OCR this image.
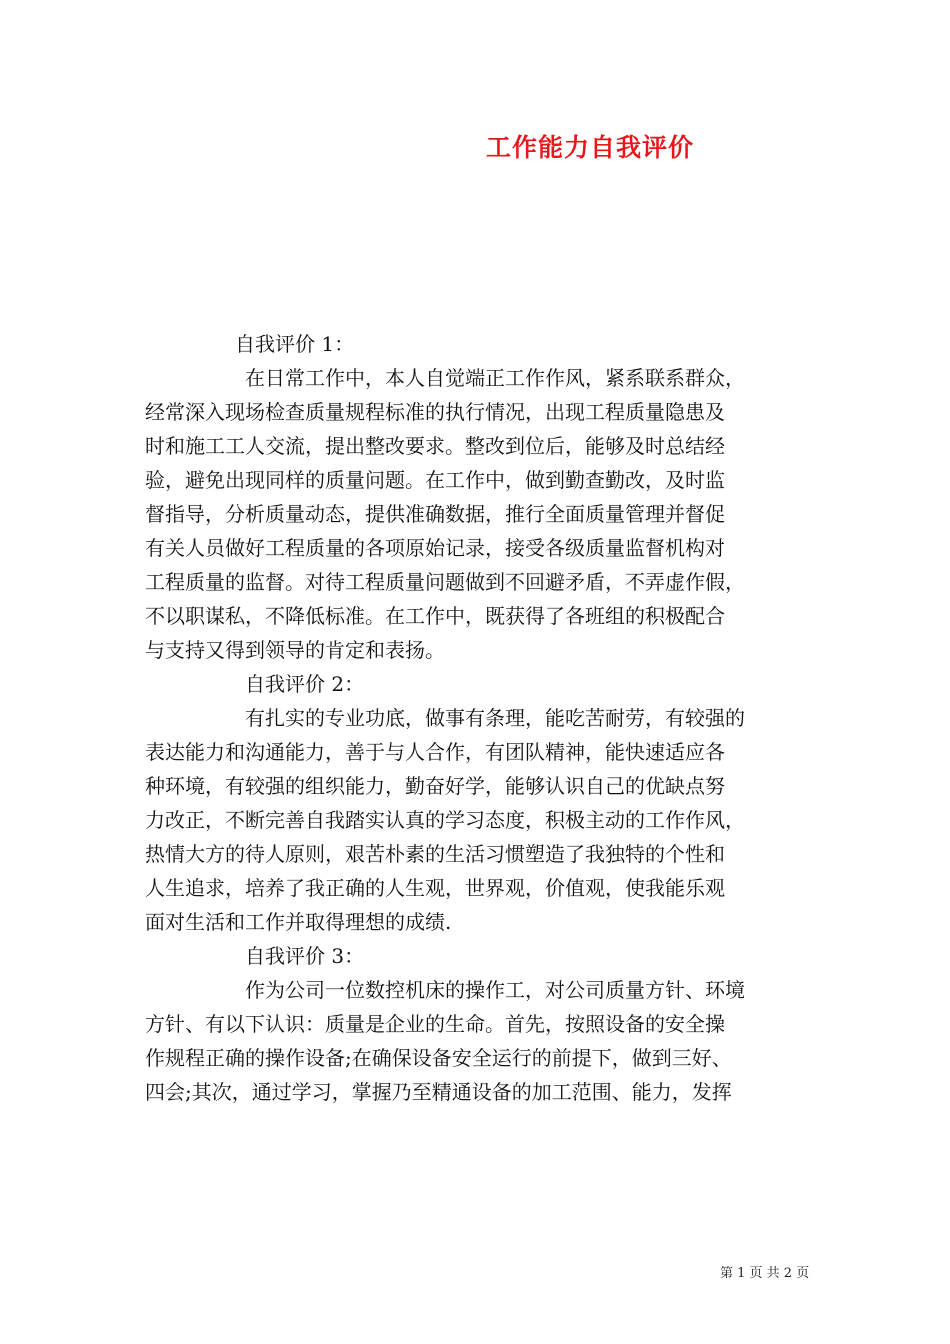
工作能力自我评价
自我评价 1：
在日常工作中，本人自觉端正工作作风，紧系联系群众，
经常深入现场检查质量规程标准的执行情况，出现工程质量隐患及
时和施工工人交流，提出整改要求。整改到位后，能够及时总结经
验，避免出现同样的质量问题。在工作中，做到勤查勤改，及时监
督指导，分析质量动态，提供准确数据，推行全面质量管理并督促
有关人员做好工程质量的各项原始记录，接受各级质量监督机构对
工程质量的监督。对待工程质量问题做到不回避矛盾，不弄虚作假，
不以职谋私，不降低标准。在工作中，既获得了各班组的积极配合
与支持又得到领导的肯定和表扬。
自我评价 2：
有扎实的专业功底，做事有条理，能吃苦耐劳，有较强的
表达能力和沟通能力，善于与人合作，有团队精神，能快速适应各
种环境，有较强的组织能力，勤奋好学，能够认识自己的优缺点努
力改正，不断完善自我踏实认真的学习态度，积极主动的工作作风，
热情大方的待人原则，艰苦朴素的生活习惯塑造了我独特的个性和
人生追求，培养了我正确的人生观，世界观，价值观，使我能乐观
面对生活和工作并取得理想的成绩.
自我评价 3：
作为公司一位数控机床的操作工，对公司质量方针、环境
方针、有以下认识：质量是企业的生命。首先，按照设备的安全操
作规程正确的操作设备;在确保设备安全运行的前提下，做到三好、
四会;其次，通过学习，掌握乃至精通设备的加工范围、能力，发挥
第 1 页 共 2 页
